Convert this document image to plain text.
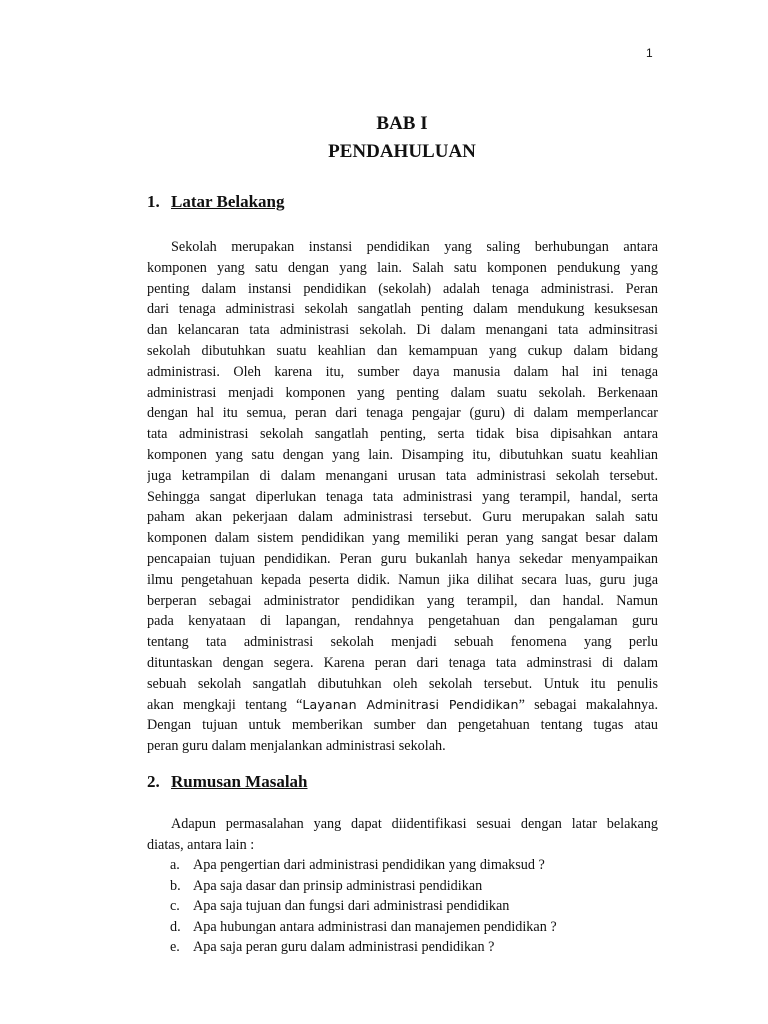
1
BAB I
PENDAHULUAN
1. Latar Belakang
Sekolah merupakan instansi pendidikan yang saling berhubungan antara
komponen yang satu dengan yang lain. Salah satu komponen pendukung yang
penting dalam instansi pendidikan (sekolah) adalah tenaga administrasi. Peran
dari tenaga administrasi sekolah sangatlah penting dalam mendukung kesuksesan
dan kelancaran tata administrasi sekolah. Di dalam menangani tata adminsitrasi
sekolah dibutuhkan suatu keahlian dan kemampuan yang cukup dalam bidang
administrasi. Oleh karena itu, sumber daya manusia dalam hal ini tenaga
administrasi menjadi komponen yang penting dalam suatu sekolah. Berkenaan
dengan hal itu semua, peran dari tenaga pengajar (guru) di dalam memperlancar
tata administrasi sekolah sangatlah penting, serta tidak bisa dipisahkan antara
komponen yang satu dengan yang lain. Disamping itu, dibutuhkan suatu keahlian
juga ketrampilan di dalam menangani urusan tata administrasi sekolah tersebut.
Sehingga sangat diperlukan tenaga tata administrasi yang terampil, handal, serta
paham akan pekerjaan dalam administrasi tersebut. Guru merupakan salah satu
komponen dalam sistem pendidikan yang memiliki peran yang sangat besar dalam
pencapaian tujuan pendidikan. Peran guru bukanlah hanya sekedar menyampaikan
ilmu pengetahuan kepada peserta didik. Namun jika dilihat secara luas, guru juga
berperan sebagai administrator pendidikan yang terampil, dan handal. Namun
pada kenyataan di lapangan, rendahnya pengetahuan dan pengalaman guru
tentang tata administrasi sekolah menjadi sebuah fenomena yang perlu
dituntaskan dengan segera. Karena peran dari tenaga tata adminstrasi di dalam
sebuah sekolah sangatlah dibutuhkan oleh sekolah tersebut. Untuk itu penulis
akan mengkaji tentang “Layanan Adminitrasi Pendidikan” sebagai makalahnya.
Dengan tujuan untuk memberikan sumber dan pengetahuan tentang tugas atau
peran guru dalam menjalankan administrasi sekolah.
2. Rumusan Masalah
Adapun permasalahan yang dapat diidentifikasi sesuai dengan latar belakang
diatas, antara lain :
a. Apa pengertian dari administrasi pendidikan yang dimaksud ?
b. Apa saja dasar dan prinsip administrasi pendidikan
c. Apa saja tujuan dan fungsi dari administrasi pendidikan
d. Apa hubungan antara administrasi dan manajemen pendidikan ?
e. Apa saja peran guru dalam administrasi pendidikan ?
